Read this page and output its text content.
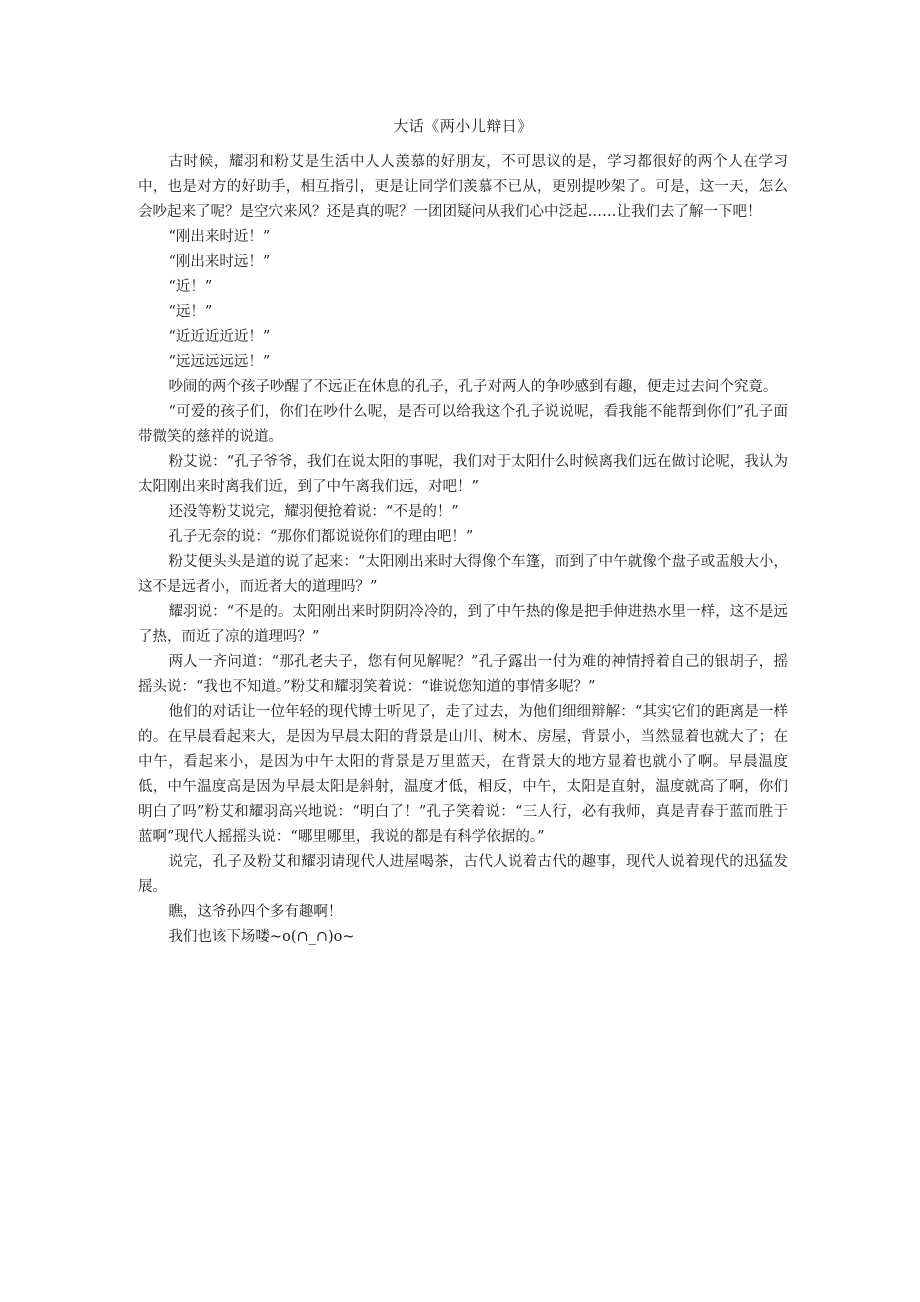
大话《两小儿辩日》

古时候，耀羽和粉艾是生活中人人羡慕的好朋友，不可思议的是，学习都很好的两个人在学习中，也是对方的好助手，相互指引，更是让同学们羡慕不已从，更别提吵架了。可是，这一天，怎么会吵起来了呢？是空穴来风？还是真的呢？一团团疑问从我们心中泛起……让我们去了解一下吧！

“刚出来时近！”

“刚出来时远！”

“近！”

“远！”

“近近近近近！”

“远远远远远！”

吵闹的两个孩子吵醒了不远正在休息的孔子，孔子对两人的争吵感到有趣，便走过去问个究竟。

“可爱的孩子们，你们在吵什么呢，是否可以给我这个孔子说说呢，看我能不能帮到你们”孔子面带微笑的慈祥的说道。

粉艾说：“孔子爷爷，我们在说太阳的事呢，我们对于太阳什么时候离我们远在做讨论呢，我认为太阳刚出来时离我们近，到了中午离我们远，对吧！”

还没等粉艾说完，耀羽便抢着说：“不是的！”

孔子无奈的说：“那你们都说说你们的理由吧！”

粉艾便头头是道的说了起来：“太阳刚出来时大得像个车篷，而到了中午就像个盘子或盂般大小，这不是远者小，而近者大的道理吗？”

耀羽说：“不是的。太阳刚出来时阴阴冷冷的，到了中午热的像是把手伸进热水里一样，这不是远了热，而近了凉的道理吗？”

两人一齐问道：“那孔老夫子，您有何见解呢？”孔子露出一付为难的神情捋着自己的银胡子，摇摇头说：“我也不知道。”粉艾和耀羽笑着说：“谁说您知道的事情多呢？”

他们的对话让一位年轻的现代博士听见了，走了过去，为他们细细辩解：“其实它们的距离是一样的。在早晨看起来大，是因为早晨太阳的背景是山川、树木、房屋，背景小，当然显着也就大了；在中午，看起来小，是因为中午太阳的背景是万里蓝天，在背景大的地方显着也就小了啊。早晨温度低，中午温度高是因为早晨太阳是斜射，温度才低，相反，中午，太阳是直射，温度就高了啊，你们明白了吗”粉艾和耀羽高兴地说：“明白了！”孔子笑着说：“三人行，必有我师，真是青春于蓝而胜于蓝啊”现代人摇摇头说：“哪里哪里，我说的都是有科学依据的。”

说完，孔子及粉艾和耀羽请现代人进屋喝茶，古代人说着古代的趣事，现代人说着现代的迅猛发展。

瞧，这爷孙四个多有趣啊！

我们也该下场喽~o(∩_∩)o~
